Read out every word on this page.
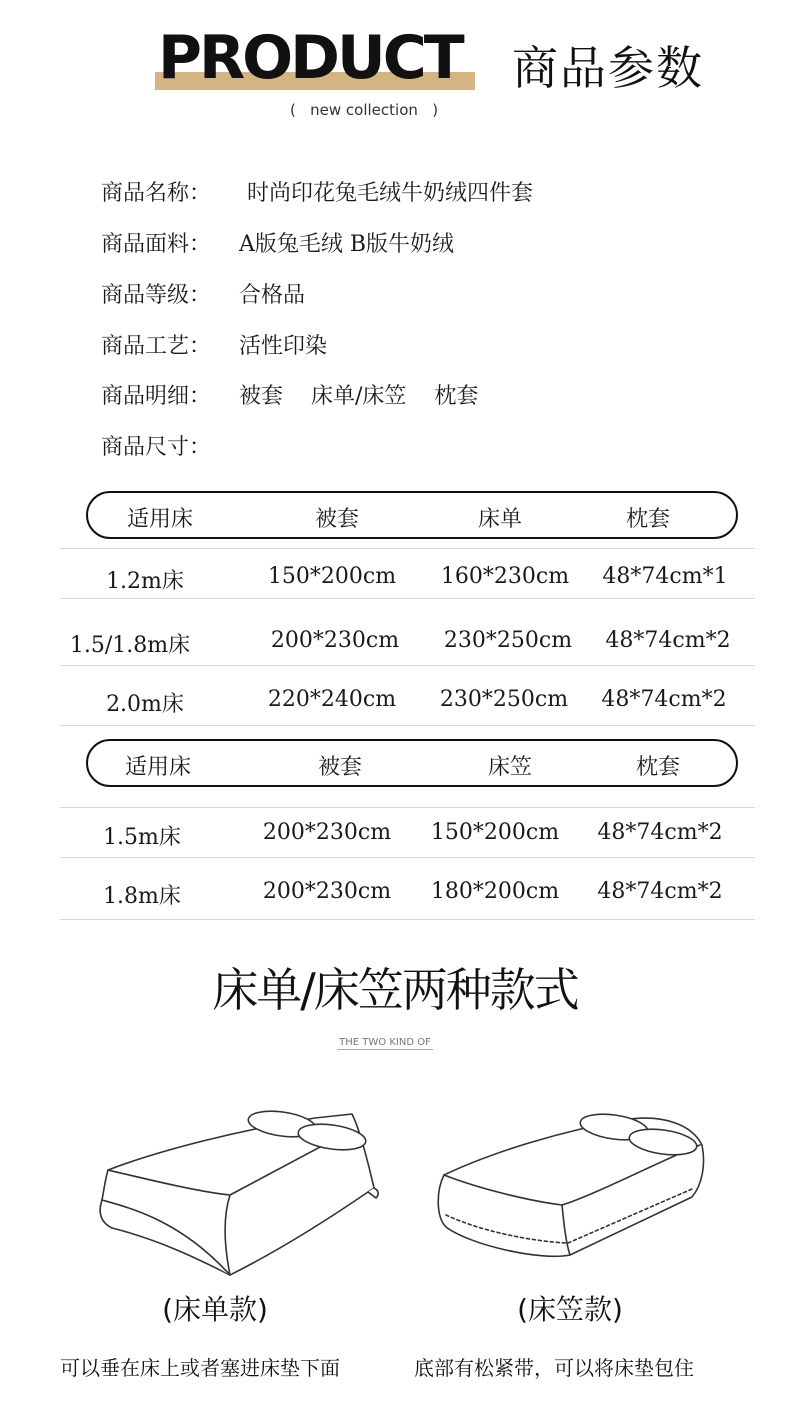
PRODUCT	商品参数
(   new collection   )
商品名称： 时尚印花兔毛绒牛奶绒四件套
商品面料： A版兔毛绒 B版牛奶绒
商品等级： 合格品
商品工艺： 活性印染
商品明细： 被套    床单/床笠    枕套
商品尺寸：
适用床	被套	床单	枕套
1.2m床	150*200cm	160*230cm	48*74cm*1
1.5/1.8m床	200*230cm	230*250cm	48*74cm*2
2.0m床	220*240cm	230*250cm	48*74cm*2
适用床	被套	床笠	枕套
1.5m床	200*230cm	150*200cm	48*74cm*2
1.8m床	200*230cm	180*200cm	48*74cm*2
床单/床笠两种款式
THE TWO KIND OF
(床单款)	(床笠款)
可以垂在床上或者塞进床垫下面	底部有松紧带，可以将床垫包住
